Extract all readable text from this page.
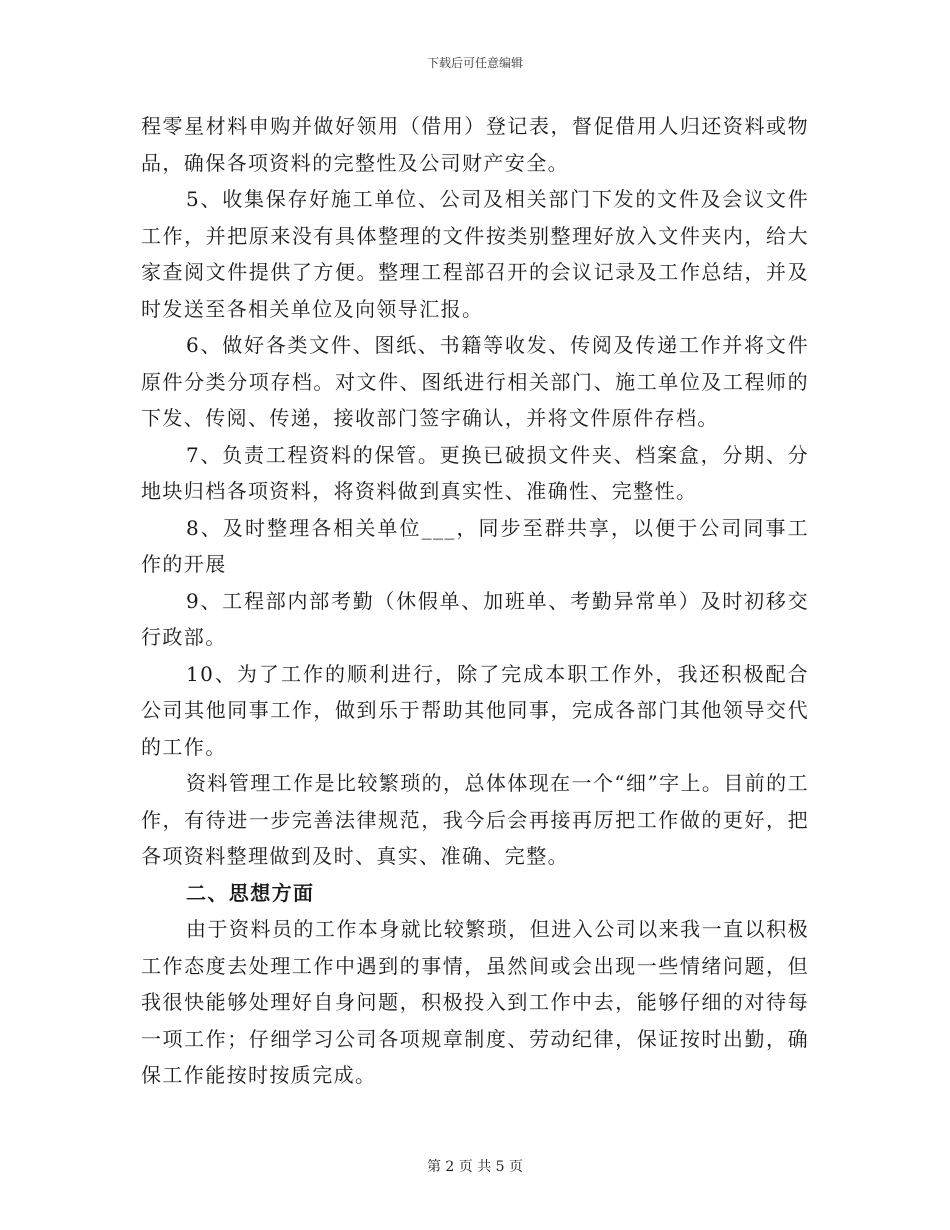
下载后可任意编辑

程零星材料申购并做好领用（借用）登记表，督促借用人归还资料或物品，确保各项资料的完整性及公司财产安全。

5、收集保存好施工单位、公司及相关部门下发的文件及会议文件工作，并把原来没有具体整理的文件按类别整理好放入文件夹内，给大家查阅文件提供了方便。整理工程部召开的会议记录及工作总结，并及时发送至各相关单位及向领导汇报。

6、做好各类文件、图纸、书籍等收发、传阅及传递工作并将文件原件分类分项存档。对文件、图纸进行相关部门、施工单位及工程师的下发、传阅、传递，接收部门签字确认，并将文件原件存档。

7、负责工程资料的保管。更换已破损文件夹、档案盒，分期、分地块归档各项资料，将资料做到真实性、准确性、完整性。

8、及时整理各相关单位___，同步至群共享，以便于公司同事工作的开展

9、工程部内部考勤（休假单、加班单、考勤异常单）及时初移交行政部。

10、为了工作的顺利进行，除了完成本职工作外，我还积极配合公司其他同事工作，做到乐于帮助其他同事，完成各部门其他领导交代的工作。

资料管理工作是比较繁琐的，总体体现在一个“细”字上。目前的工作，有待进一步完善法律规范，我今后会再接再厉把工作做的更好，把各项资料整理做到及时、真实、准确、完整。

二、思想方面

由于资料员的工作本身就比较繁琐，但进入公司以来我一直以积极工作态度去处理工作中遇到的事情，虽然间或会出现一些情绪问题，但我很快能够处理好自身问题，积极投入到工作中去，能够仔细的对待每一项工作；仔细学习公司各项规章制度、劳动纪律，保证按时出勤，确保工作能按时按质完成。

第 2 页 共 5 页
